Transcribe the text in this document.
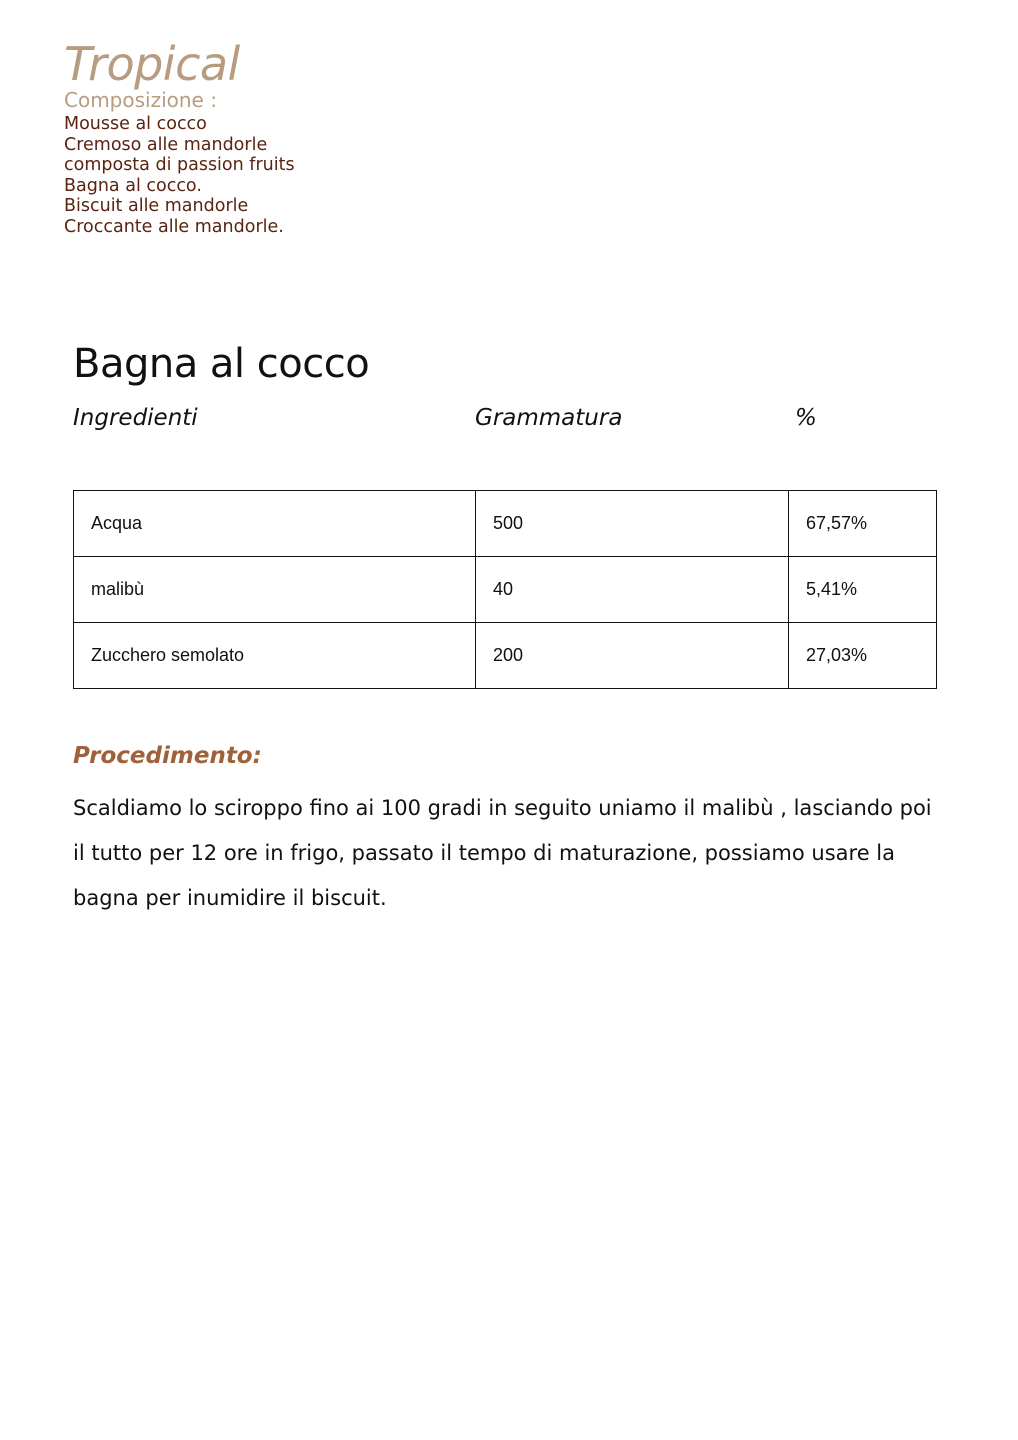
Tropical
Composizione :
Mousse al cocco
Cremoso alle mandorle
composta di passion fruits
Bagna al cocco.
Biscuit alle mandorle
Croccante alle mandorle.
Bagna al cocco
Ingredienti	Grammatura	%
Acqua	500	67,57%
malibù	40	5,41%
Zucchero semolato	200	27,03%
Procedimento:
Scaldiamo lo sciroppo fino ai 100 gradi in seguito uniamo il malibù , lasciando poi il tutto per 12 ore in frigo, passato il tempo di maturazione, possiamo usare la bagna per inumidire il biscuit.
